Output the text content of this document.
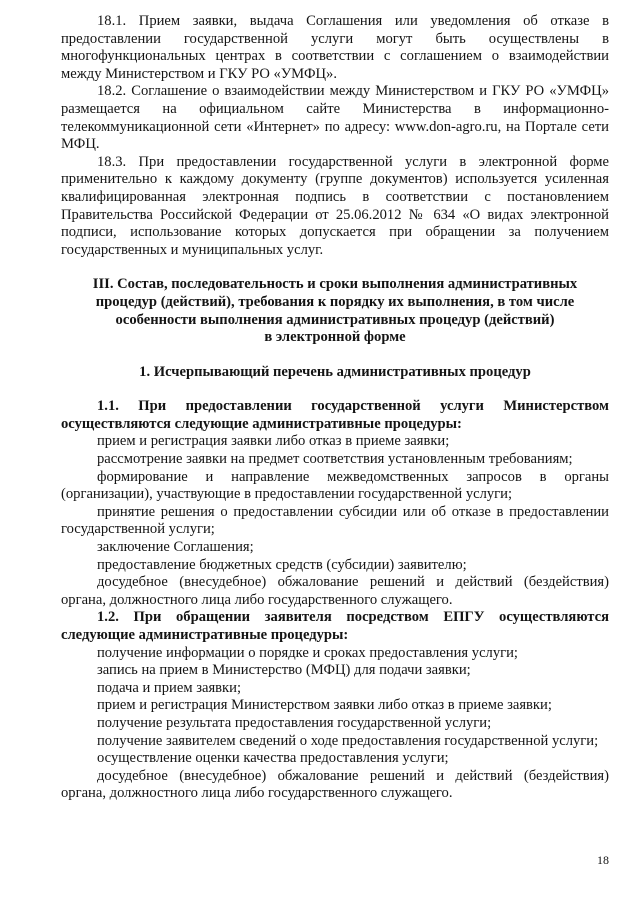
18.1. Прием заявки, выдача Соглашения или уведомления об отказе в предоставлении государственной услуги могут быть осуществлены в многофункциональных центрах в соответствии с соглашением о взаимодействии между Министерством и ГКУ РО «УМФЦ».

18.2. Соглашение о взаимодействии между Министерством и ГКУ РО «УМФЦ» размещается на официальном сайте Министерства в информационно-телекоммуникационной сети «Интернет» по адресу: www.don-agro.ru, на Портале сети МФЦ.

18.3. При предоставлении государственной услуги в электронной форме применительно к каждому документу (группе документов) используется усиленная квалифицированная электронная подпись в соответствии с постановлением Правительства Российской Федерации от 25.06.2012 № 634 «О видах электронной подписи, использование которых допускается при обращении за получением государственных и муниципальных услуг.

III. Состав, последовательность и сроки выполнения административных

процедур (действий), требования к порядку их выполнения, в том числе

особенности выполнения административных процедур (действий)

в электронной форме

1. Исчерпывающий перечень административных процедур

1.1. При предоставлении государственной услуги Министерством осуществляются следующие административные процедуры:

прием и регистрация заявки либо отказ в приеме заявки;

рассмотрение заявки на предмет соответствия установленным требованиям;

формирование и направление межведомственных запросов в органы (организации), участвующие в предоставлении государственной услуги;

принятие решения о предоставлении субсидии или об отказе в предоставлении государственной услуги;

заключение Соглашения;

предоставление бюджетных средств (субсидии) заявителю;

досудебное (внесудебное) обжалование решений и действий (бездействия) органа, должностного лица либо государственного служащего.

1.2. При обращении заявителя посредством ЕПГУ осуществляются следующие административные процедуры:

получение информации о порядке и сроках предоставления услуги;

запись на прием в Министерство (МФЦ) для подачи заявки;

подача и прием заявки;

прием и регистрация Министерством заявки либо отказ в приеме заявки;

получение результата предоставления государственной услуги;

получение заявителем сведений о ходе предоставления государственной услуги;

осуществление оценки качества предоставления услуги;

досудебное (внесудебное) обжалование решений и действий (бездействия) органа, должностного лица либо государственного служащего.

18
